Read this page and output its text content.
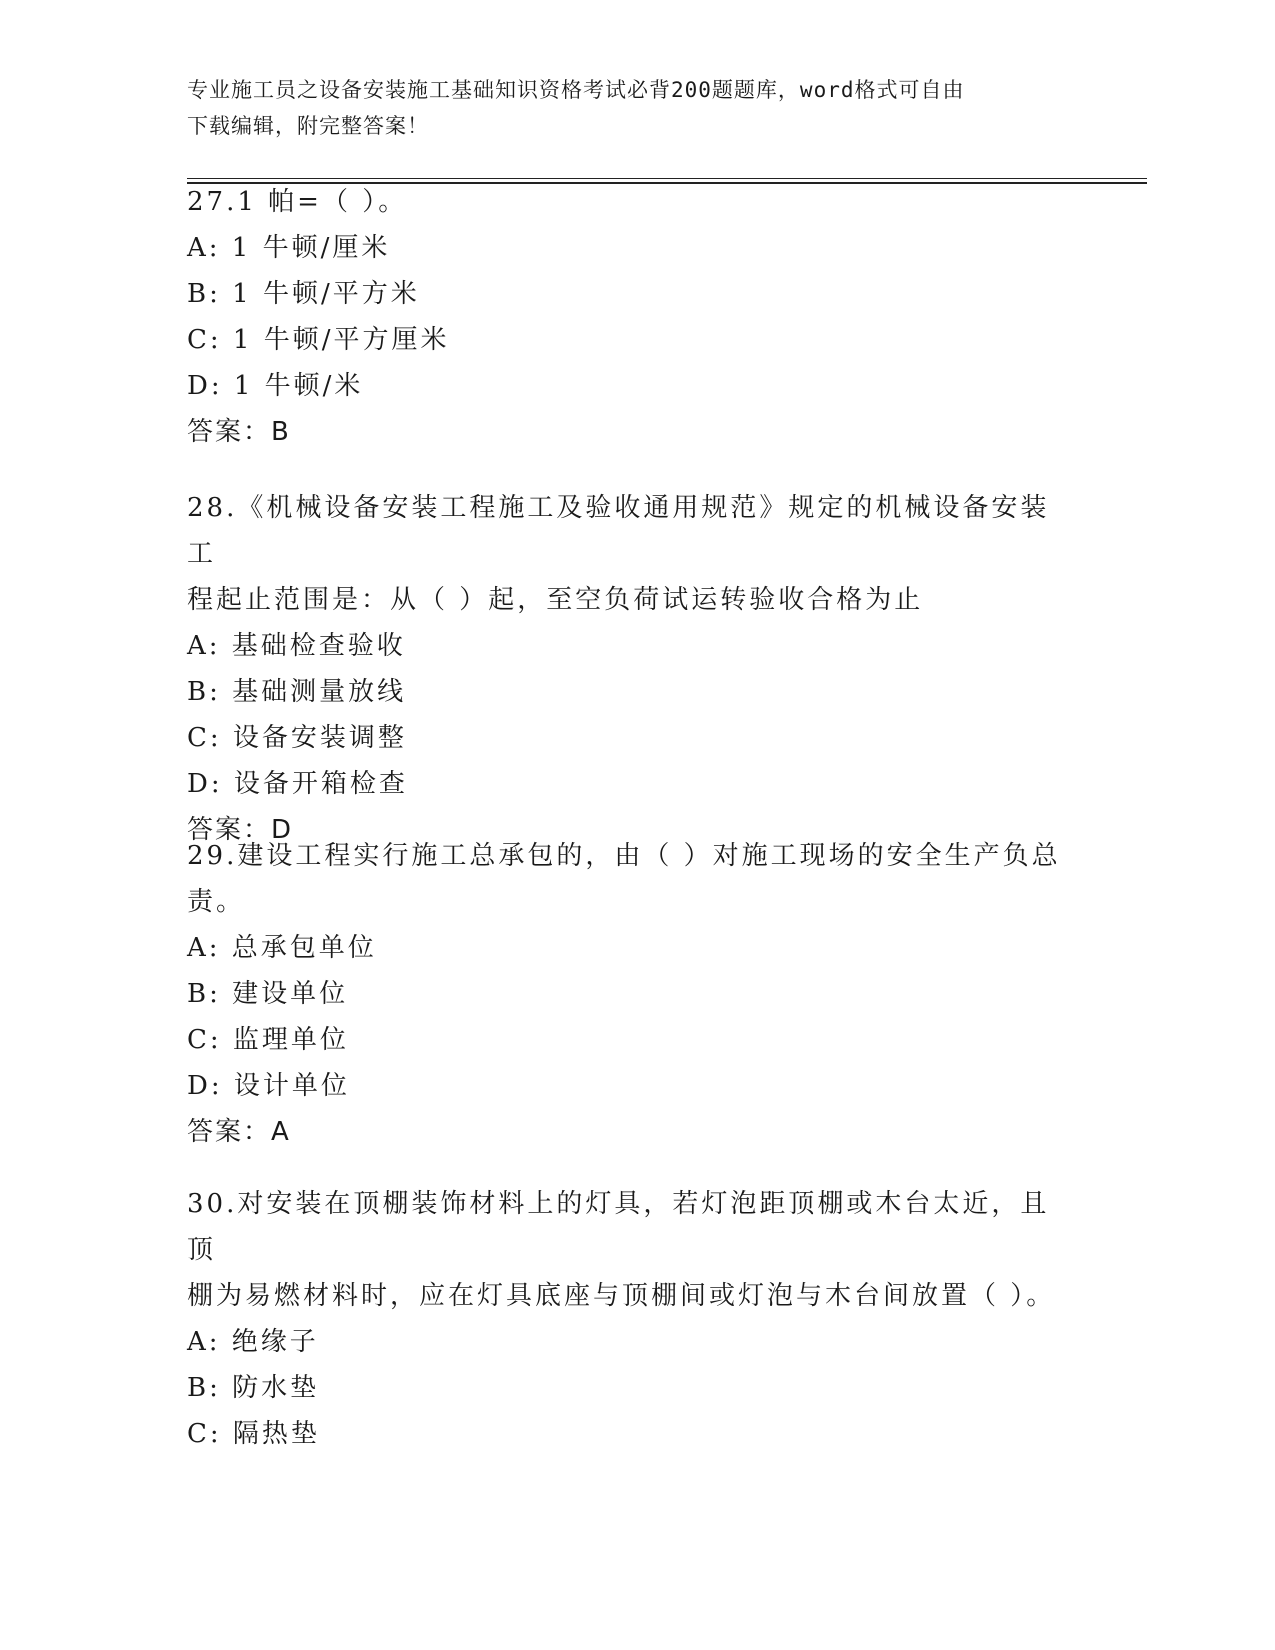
专业施工员之设备安装施工基础知识资格考试必背200题题库，word格式可自由
下载编辑，附完整答案！
27.1 帕=（ ）。
A: 1 牛顿/厘米
B: 1 牛顿/平方米
C: 1 牛顿/平方厘米
D: 1 牛顿/米
答案：B
28.《机械设备安装工程施工及验收通用规范》规定的机械设备安装工
程起止范围是：从（ ）起，至空负荷试运转验收合格为止
A: 基础检查验收
B: 基础测量放线
C: 设备安装调整
D: 设备开箱检查
答案：D
29.建设工程实行施工总承包的，由（ ）对施工现场的安全生产负总
责。
A: 总承包单位
B: 建设单位
C: 监理单位
D: 设计单位
答案：A
30.对安装在顶棚装饰材料上的灯具，若灯泡距顶棚或木台太近，且顶
棚为易燃材料时，应在灯具底座与顶棚间或灯泡与木台间放置（ ）。
A: 绝缘子
B: 防水垫
C: 隔热垫
